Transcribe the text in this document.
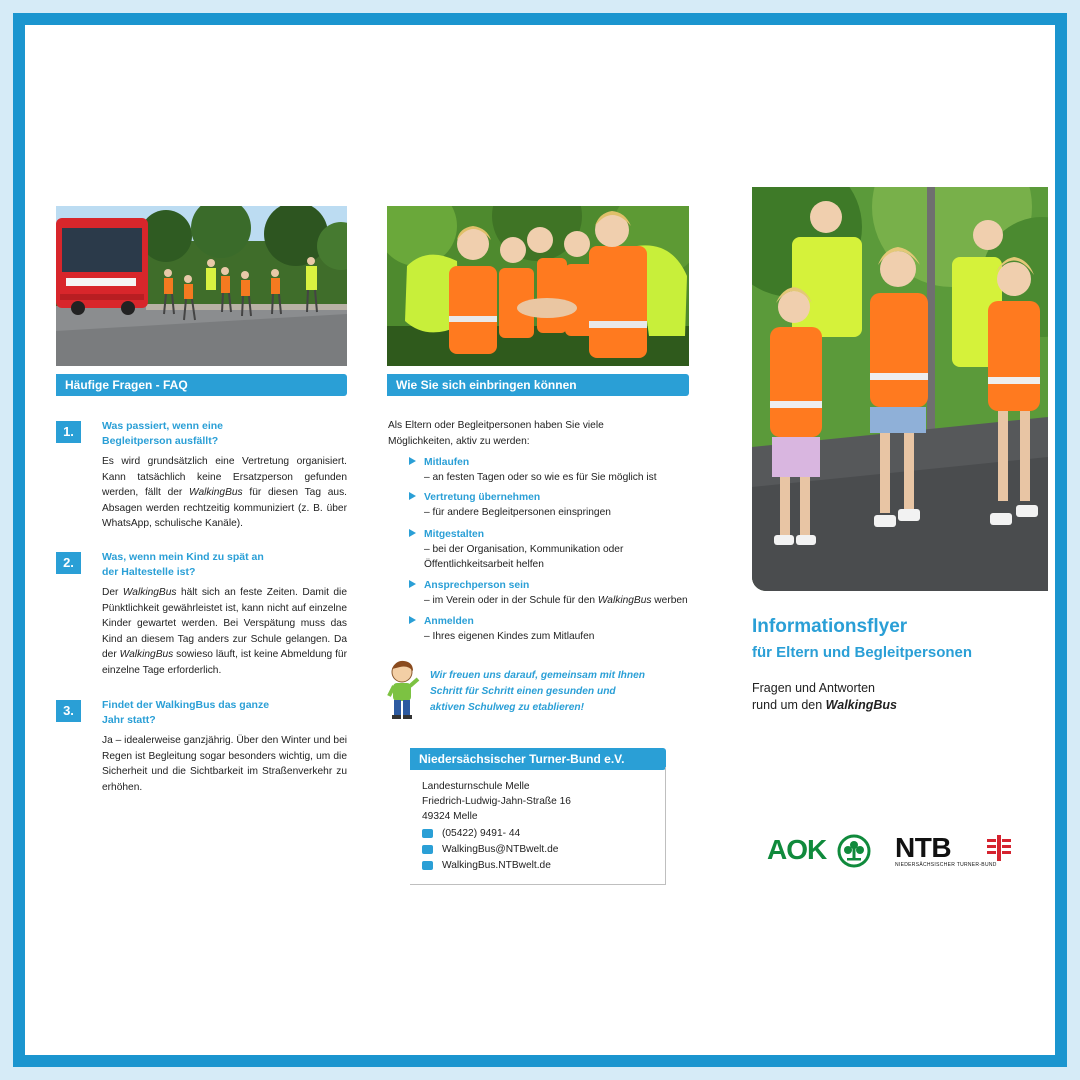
Häufige Fragen - FAQ
1.	Was passiert, wenn eine
Begleitperson ausfällt?
Es wird grundsätzlich eine Vertretung organisiert. Kann tatsächlich keine Ersatzperson gefunden werden, fällt der WalkingBus für diesen Tag aus. Absagen werden rechtzeitig kommuniziert (z. B. über WhatsApp, schulische Kanäle).
2.	Was, wenn mein Kind zu spät an
der Haltestelle ist?
Der WalkingBus hält sich an feste Zeiten. Damit die Pünktlichkeit gewährleistet ist, kann nicht auf einzelne Kinder gewartet werden. Bei Verspätung muss das Kind an diesem Tag anders zur Schule gelangen. Da der WalkingBus sowieso läuft, ist keine Abmeldung für einzelne Tage erforderlich.
3.	Findet der WalkingBus das ganze
Jahr statt?
Ja – idealerweise ganzjährig. Über den Winter und bei Regen ist Begleitung sogar besonders wichtig, um die Sicherheit und die Sichtbarkeit im Straßenverkehr zu erhöhen.
Wie Sie sich einbringen können
Als Eltern oder Begleitpersonen haben Sie viele
Möglichkeiten, aktiv zu werden:
Mitlaufen
– an festen Tagen oder so wie es für Sie möglich ist
Vertretung übernehmen
– für andere Begleitpersonen einspringen
Mitgestalten
– bei der Organisation, Kommunikation oder
Öffentlichkeitsarbeit helfen
Ansprechperson sein
– im Verein oder in der Schule für den WalkingBus werben
Anmelden
– Ihres eigenen Kindes zum Mitlaufen
Wir freuen uns darauf, gemeinsam mit Ihnen
Schritt für Schritt einen gesunden und
aktiven Schulweg zu etablieren!
Niedersächsischer Turner-Bund e.V.
Landesturnschule Melle
Friedrich-Ludwig-Jahn-Straße 16
49324 Melle
(05422) 9491- 44
WalkingBus@NTBwelt.de
WalkingBus.NTBwelt.de
Informationsflyer
für Eltern und Begleitpersonen
Fragen und Antworten
rund um den WalkingBus
AOK NTB
NIEDERSÄCHSISCHER TURNER-BUND
